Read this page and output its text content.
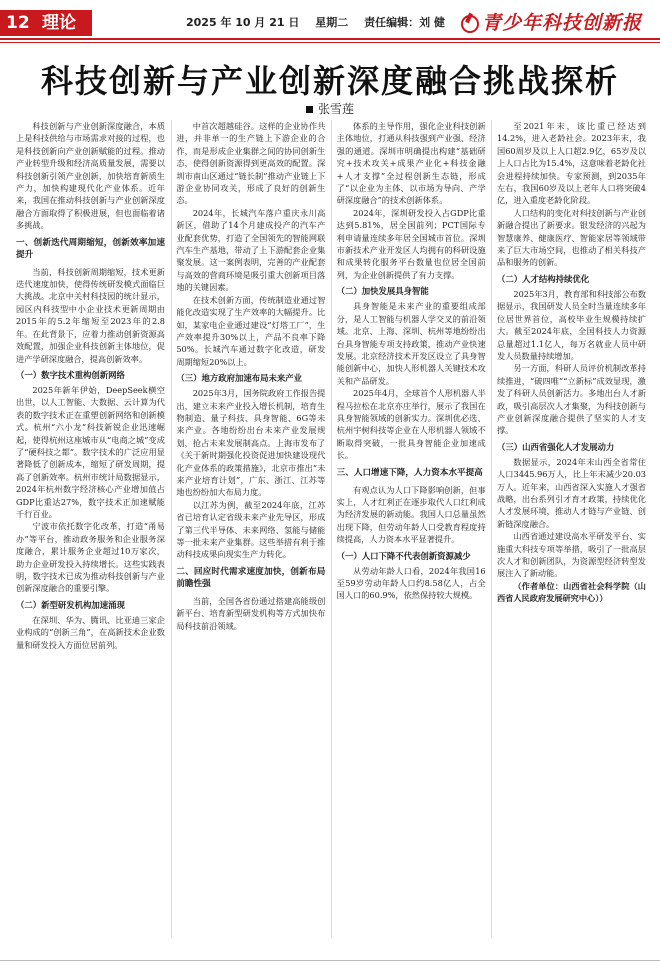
12 理论	2025 年 10 月 21 日 星期二 责任编辑：刘 健	青少年科技创新报
科技创新与产业创新深度融合挑战探析
张雪莲

科技创新与产业创新深度融合，本质上是科技供给与市场需求对接的过程，也是科技创新向产业创新赋能的过程。推动产业转型升级和经济高质量发展，需要以科技创新引领产业创新，加快培育新质生产力，加快构建现代化产业体系。近年来，我国在推动科技创新与产业创新深度融合方面取得了积极进展，但也面临着诸多挑战。

一、创新迭代周期缩短，创新效率加速提升

当前，科技创新周期缩短，技术更新迭代速度加快，使得传统研发模式面临巨大挑战。北京中关村科技园的统计显示，园区内科技型中小企业技术更新周期由2015年的5.2年缩短至2023年的2.8年。在此背景下，应着力推动创新资源高效配置，加强企业科技创新主体地位，促进产学研深度融合，提高创新效率。

（一）数字技术重构创新网络

2025年新年伊始，DeepSeek横空出世，以人工智能、大数据、云计算为代表的数字技术正在重塑创新网络和创新模式。杭州“六小龙”科技新锐企业迅速崛起，使得杭州这座城市从“电商之城”变成了“硬科技之都”。数字技术的广泛应用显著降低了创新成本，缩短了研发周期，提高了创新效率。杭州市统计局数据显示，2024年杭州数字经济核心产业增加值占GDP比重达27%，数字技术正加速赋能千行百业。

宁波市依托数字化改革，打造“甬易办”等平台，推动政务服务和企业服务深度融合，累计服务企业超过10万家次，助力企业研发投入持续增长。这些实践表明，数字技术已成为推动科技创新与产业创新深度融合的重要引擎。

（二）新型研发机构加速涌现

在深圳、华为、腾讯、比亚迪三家企业构成的“创新三角”，在高新技术企业数量和研发投入方面位居前列。

中首次超越硅谷。这样的企业协作共进，并非单一的生产链上下游企业的合作，而是形成企业集群之间的协同创新生态，使得创新资源得到更高效的配置。深圳市南山区通过“链长制”推动产业链上下游企业协同攻关，形成了良好的创新生态。

2024年，长城汽车落户重庆永川高新区，借助了14个月建成投产的汽车产业配套优势，打造了全国领先的智能网联汽车生产基地，带动了上下游配套企业集聚发展。这一案例表明，完善的产业配套与高效的营商环境是吸引重大创新项目落地的关键因素。

在技术创新方面，传统制造业通过智能化改造实现了生产效率的大幅提升。比如，某家电企业通过建设“灯塔工厂”，生产效率提升30%以上，产品不良率下降50%。长城汽车通过数字化改造，研发周期缩短20%以上。

（三）地方政府加速布局未来产业

2025年3月，国务院政府工作报告提出，建立未来产业投入增长机制，培育生物制造、量子科技、具身智能、6G等未来产业。各地纷纷出台未来产业发展规划，抢占未来发展制高点。上海市发布了《关于新时期强化投资促进加快建设现代化产业体系的政策措施》，北京市推出“未来产业培育计划”，广东、浙江、江苏等地也纷纷加大布局力度。

以江苏为例，截至2024年底，江苏省已培育认定省级未来产业先导区，形成了第三代半导体、未来网络、氢能与储能等一批未来产业集群。这些举措有利于推动科技成果向现实生产力转化。

二、回应时代需求速度加快，创新布局前瞻性强

当前，全国各省份通过搭建高能级创新平台、培育新型研发机构等方式加快布局科技前沿领域。

体系的主导作用，强化企业科技创新主体地位，打通从科技强到产业强、经济强的通道。深圳市明确提出构建“基础研究+技术攻关+成果产业化+科技金融+人才支撑”全过程创新生态链，形成了“以企业为主体、以市场为导向、产学研深度融合”的技术创新体系。

2024年，深圳研发投入占GDP比重达到5.81%，居全国前列；PCT国际专利申请量连续多年居全国城市首位。深圳市新技术产业开发区人均拥有的科研设施和成果转化服务平台数量也位居全国前列，为企业创新提供了有力支撑。

（二）加快发展具身智能

具身智能是未来产业的重要组成部分，是人工智能与机器人学交叉的前沿领域。北京、上海、深圳、杭州等地纷纷出台具身智能专项支持政策，推动产业快速发展。北京经济技术开发区设立了具身智能创新中心，加快人形机器人关键技术攻关和产品研发。

2025年4月，全球首个人形机器人半程马拉松在北京亦庄举行，展示了我国在具身智能领域的创新实力。深圳优必选、杭州宇树科技等企业在人形机器人领域不断取得突破，一批具身智能企业加速成长。

三、人口增速下降，人力资本水平提高

有观点认为人口下降影响创新，但事实上，人才红利正在逐步取代人口红利成为经济发展的新动能。我国人口总量虽然出现下降，但劳动年龄人口受教育程度持续提高，人力资本水平显著提升。

（一）人口下降不代表创新资源减少

从劳动年龄人口看，2024年我国16至59岁劳动年龄人口约8.58亿人，占全国人口的60.9%，依然保持较大规模。

至2021年末，该比重已经达到14.2%，进入老龄社会。2023年末，我国60周岁及以上人口超2.9亿，65岁及以上人口占比为15.4%，这意味着老龄化社会进程持续加快。专家预测，到2035年左右，我国60岁及以上老年人口将突破4亿，进入重度老龄化阶段。

人口结构的变化对科技创新与产业创新融合提出了新要求。银发经济的兴起为智慧康养、健康医疗、智能家居等领域带来了巨大市场空间，也推动了相关科技产品和服务的创新。

（二）人才结构持续优化

2025年3月，教育部和科技部公布数据显示，我国研发人员全时当量连续多年位居世界首位，高校毕业生规模持续扩大。截至2024年底，全国科技人力资源总量超过1.1亿人，每万名就业人员中研发人员数量持续增加。

另一方面，科研人员评价机制改革持续推进，“破四唯”“立新标”成效显现，激发了科研人员创新活力。多地出台人才新政，吸引高层次人才集聚，为科技创新与产业创新深度融合提供了坚实的人才支撑。

（三）山西省强化人才发展动力

数据显示，2024年末山西全省常住人口3445.96万人，比上年末减少20.03万人。近年来，山西省深入实施人才强省战略，出台系列引才育才政策，持续优化人才发展环境，推动人才链与产业链、创新链深度融合。

山西省通过建设高水平研发平台、实施重大科技专项等举措，吸引了一批高层次人才和创新团队，为资源型经济转型发展注入了新动能。

（作者单位：山西省社会科学院（山西省人民政府发展研究中心））
